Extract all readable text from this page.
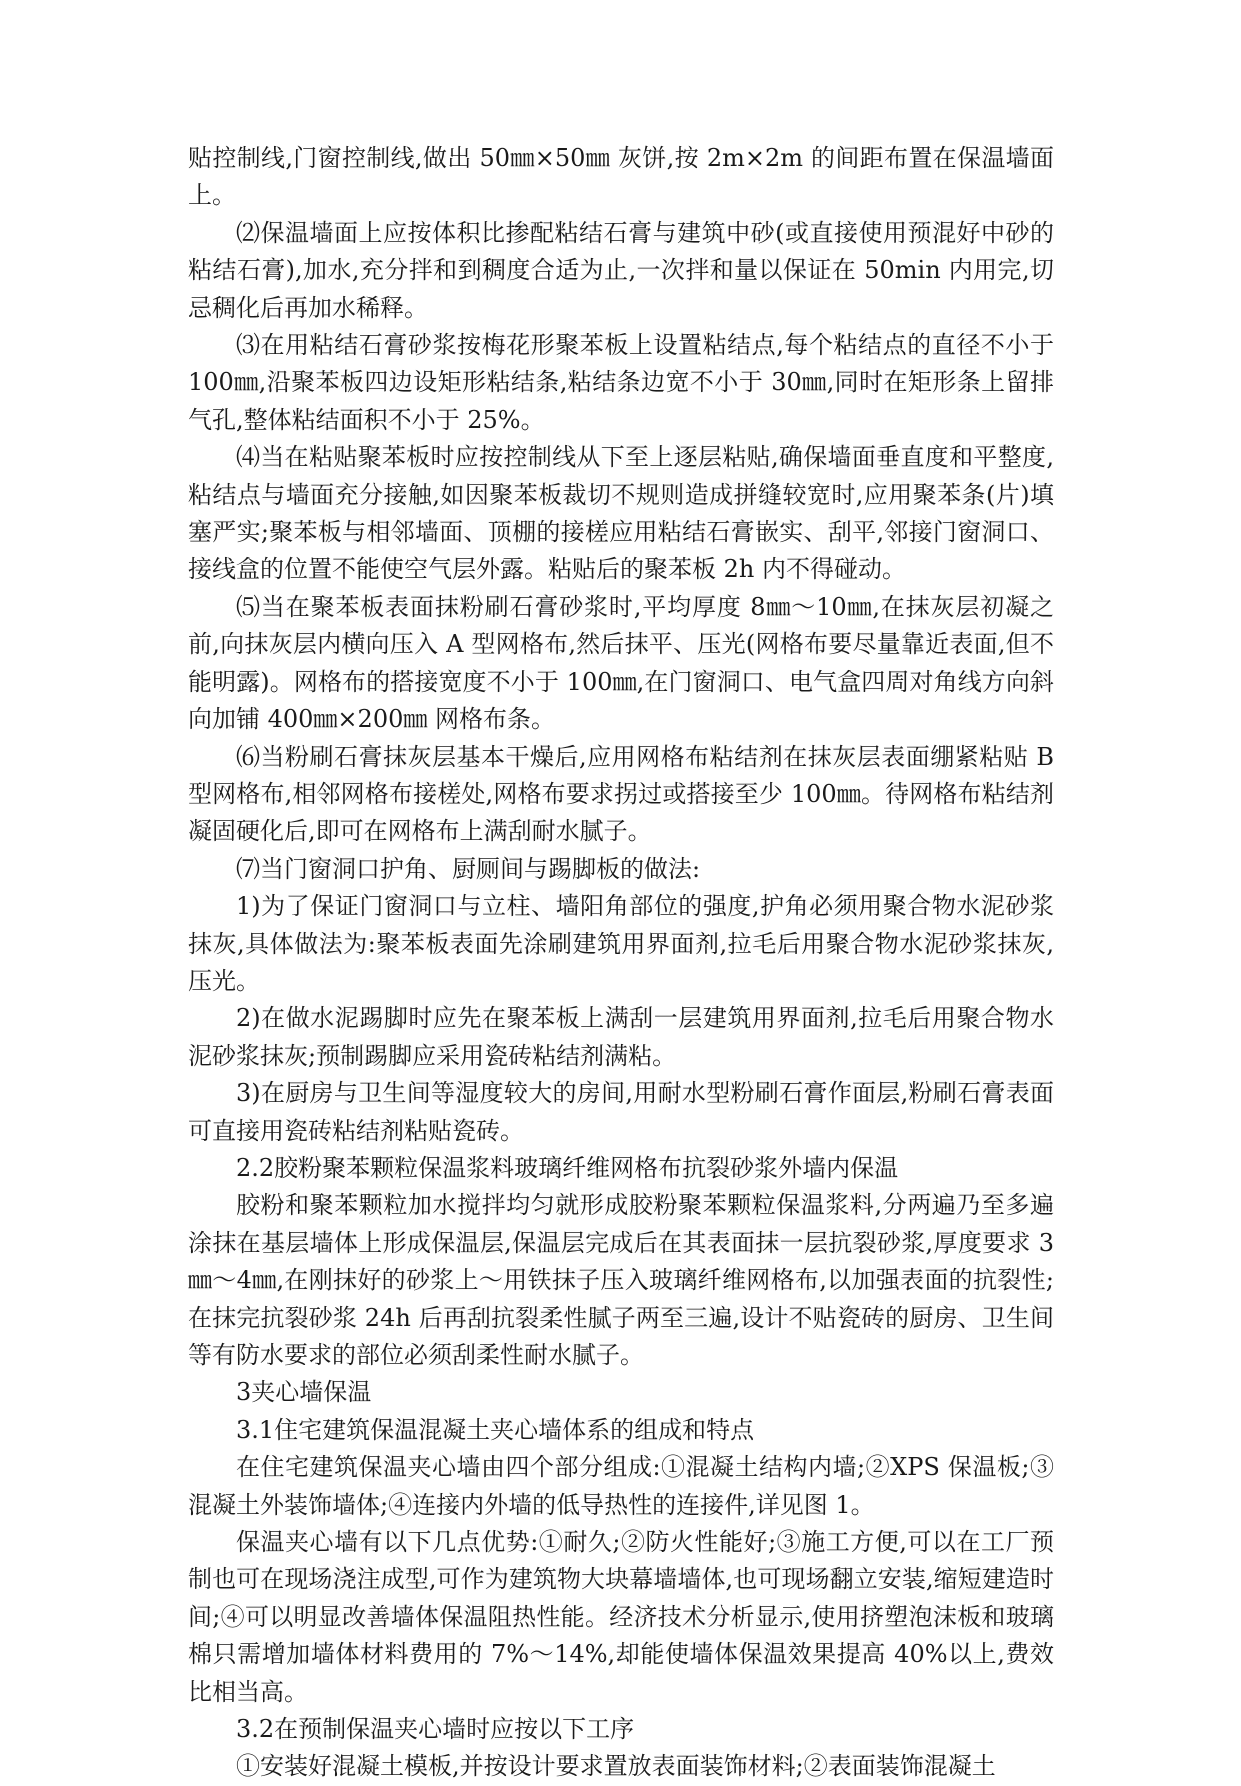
贴控制线,门窗控制线,做出 50㎜×50㎜ 灰饼,按 2m×2m 的间距布置在保温墙面上。

⑵保温墙面上应按体积比掺配粘结石膏与建筑中砂(或直接使用预混好中砂的粘结石膏),加水,充分拌和到稠度合适为止,一次拌和量以保证在 50min 内用完,切忌稠化后再加水稀释。

⑶在用粘结石膏砂浆按梅花形聚苯板上设置粘结点,每个粘结点的直径不小于 100㎜,沿聚苯板四边设矩形粘结条,粘结条边宽不小于 30㎜,同时在矩形条上留排气孔,整体粘结面积不小于 25%。

⑷当在粘贴聚苯板时应按控制线从下至上逐层粘贴,确保墙面垂直度和平整度,粘结点与墙面充分接触,如因聚苯板裁切不规则造成拼缝较宽时,应用聚苯条(片)填塞严实;聚苯板与相邻墙面、顶棚的接槎应用粘结石膏嵌实、刮平,邻接门窗洞口、接线盒的位置不能使空气层外露。粘贴后的聚苯板 2h 内不得碰动。

⑸当在聚苯板表面抹粉刷石膏砂浆时,平均厚度 8㎜～10㎜,在抹灰层初凝之前,向抹灰层内横向压入 A 型网格布,然后抹平、压光(网格布要尽量靠近表面,但不能明露)。网格布的搭接宽度不小于 100㎜,在门窗洞口、电气盒四周对角线方向斜向加铺 400㎜×200㎜ 网格布条。

⑹当粉刷石膏抹灰层基本干燥后,应用网格布粘结剂在抹灰层表面绷紧粘贴 B 型网格布,相邻网格布接槎处,网格布要求拐过或搭接至少 100㎜。待网格布粘结剂凝固硬化后,即可在网格布上满刮耐水腻子。

⑺当门窗洞口护角、厨厕间与踢脚板的做法:

1)为了保证门窗洞口与立柱、墙阳角部位的强度,护角必须用聚合物水泥砂浆抹灰,具体做法为:聚苯板表面先涂刷建筑用界面剂,拉毛后用聚合物水泥砂浆抹灰,压光。

2)在做水泥踢脚时应先在聚苯板上满刮一层建筑用界面剂,拉毛后用聚合物水泥砂浆抹灰;预制踢脚应采用瓷砖粘结剂满粘。

3)在厨房与卫生间等湿度较大的房间,用耐水型粉刷石膏作面层,粉刷石膏表面可直接用瓷砖粘结剂粘贴瓷砖。

2.2胶粉聚苯颗粒保温浆料玻璃纤维网格布抗裂砂浆外墙内保温

胶粉和聚苯颗粒加水搅拌均匀就形成胶粉聚苯颗粒保温浆料,分两遍乃至多遍涂抹在基层墙体上形成保温层,保温层完成后在其表面抹一层抗裂砂浆,厚度要求 3㎜～4㎜,在刚抹好的砂浆上～用铁抹子压入玻璃纤维网格布,以加强表面的抗裂性;在抹完抗裂砂浆 24h 后再刮抗裂柔性腻子两至三遍,设计不贴瓷砖的厨房、卫生间等有防水要求的部位必须刮柔性耐水腻子。

3夹心墙保温

3.1住宅建筑保温混凝土夹心墙体系的组成和特点

在住宅建筑保温夹心墙由四个部分组成:①混凝土结构内墙;②XPS 保温板;③混凝土外装饰墙体;④连接内外墙的低导热性的连接件,详见图 1。

保温夹心墙有以下几点优势:①耐久;②防火性能好;③施工方便,可以在工厂预制也可在现场浇注成型,可作为建筑物大块幕墙墙体,也可现场翻立安装,缩短建造时间;④可以明显改善墙体保温阻热性能。经济技术分析显示,使用挤塑泡沫板和玻璃棉只需增加墙体材料费用的 7%～14%,却能使墙体保温效果提高 40%以上,费效比相当高。

3.2在预制保温夹心墙时应按以下工序

①安装好混凝土模板,并按设计要求置放表面装饰材料;②表面装饰混凝土
